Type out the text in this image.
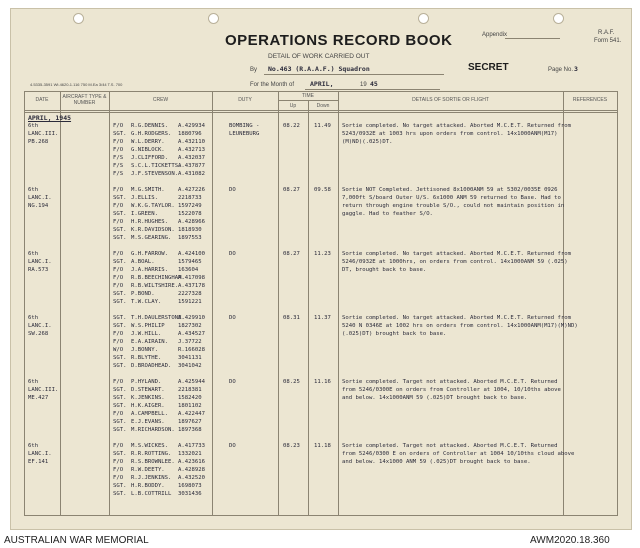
Appendix	R.A.F.
Form 541.
OPERATIONS RECORD BOOK
DETAIL OF WORK CARRIED OUT
By No.463 (R.A.A.F.) Squadron	SECRET	Page No. 3
4.5335-3591 Wt.4620-1.116 750 M.Ea 3/44 T.S. 700	For the Month of APRIL,	19 45
DATE	AIRCRAFT TYPE & NUMBER	CREW	DUTY
TIME
Up	Down
DETAILS OF SORTIE OR FLIGHT	REFERENCES
APRIL, 1945
6th
LANC.III.
PB.268
F/O R.G.DENNIS. A.429934
SGT. G.H.RODGERS. 1880796
F/O W.L.DERRY. A.432110
F/O G.NIBLOCK. A.432713
F/S J.CLIFFORD. A.432037
F/S S.C.L.TICKETTS.
A.437877
F/S J.F.STEVENSON. A.431082
BOMBING -
LEUNEBURG
08.22	11.49 Sortie completed. No target attacked. Aborted M.C.E.T. Returned from
5243/0932E at 1003 hrs upon orders from control. 14x1000ANM(M17)
(M)ND)(.025)DT.
6th
LANC.I.
NG.194
F/O M.G.SMITH. A.427226
SGT. J.ELLIS.	2218733
F/O W.K.G.TAYLOR. 1597249
SGT. I.GREEN.	1522078
F/O H.R.HUGHES. A.428966
SGT. K.R.DAVIDSON. 1818930
SGT. M.S.GEARING. 1897553
DO	08.27	09.58 Sortie NOT Completed. Jettisoned 8x1000ANM 59 at 5302/0035E 0926
7,000ft S/board Outer U/S. 6x1000 ANM 59 returned to Base. Had to
return through engine trouble S/O., could not maintain position in
gaggle. Had to feather S/O.
6th
LANC.I.
RA.573
F/O G.H.FARROW. A.424100
SGT. A.BOAL.	1579465
F/O J.A.HARRIS. 163604
F/O R.B.BEECHINGHAM.
A.417098
F/O R.B.WILTSHIRE. A.437178
SGT. P.BOND.	2227328
SGT. T.W.CLAY.	1591221
DO	08.27	11.23 Sortie completed. No target attacked. Aborted M.C.E.T. Returned from
5246/0932E at 1000hrs, on orders from control. 14x1000ANM 59 (.025)
DT, brought back to base.
6th
LANC.I.
SW.268
SGT. T.H.DAULERSTONE.
A.429910
SGT. W.S.PHILIP 1827302
F/O J.W.HILL.	A.434527
F/O E.A.AIRAIN. J.37722
W/O J.BONNY.	R.166028
SGT. R.BLYTHE.	3041131
SGT. D.BROADHEAD. 3041042
DO	08.31	11.37 Sortie completed. No target attacked. Aborted M.C.E.T. Returned from
5240 N 0346E at 1002 hrs on orders from control. 14x1000ANM(M17)(M)ND)
(.025)DT) brought back to base.
6th
LANC.III.
ME.427
F/O P.HYLAND.	A.425944
SGT. D.STEWART. 2218381
SGT. K.JENKINS. 1582420
SGT. H.K.AIGER. 1801102
F/O A.CAMPBELL. A.422447
SGT. E.J.EVANS. 1897627
SGT. M.RICHARDSON. 1897368
DO	08.25	11.16 Sortie completed. Target not attacked. Aborted M.C.E.T. Returned
from 5246/0300E on orders from Controller at 1004, 10/10ths above
and below. 14x1000ANM 59 (.025)DT brought back to base.
6th
LANC.I.
EF.141
F/O M.S.WICKES. A.417733
SGT. R.R.ROTTING. 1332021
F/O R.S.BROWNLEE. A.423616
F/O R.W.DEETY. A.428928
F/O R.J.JENKINS. A.432520
SGT. H.R.BODDY. 1698073
SGT. L.B.COTTRILL 3031436
DO	08.23	11.18 Sortie completed. Target not attacked. Aborted M.C.E.T. Returned
from 5246/0300 E on orders of Controller at 1004 10/10ths cloud above
and below. 14x1000 ANM 59 (.025)DT brought back to base.
AUSTRALIAN WAR MEMORIAL	AWM2020.18.360
